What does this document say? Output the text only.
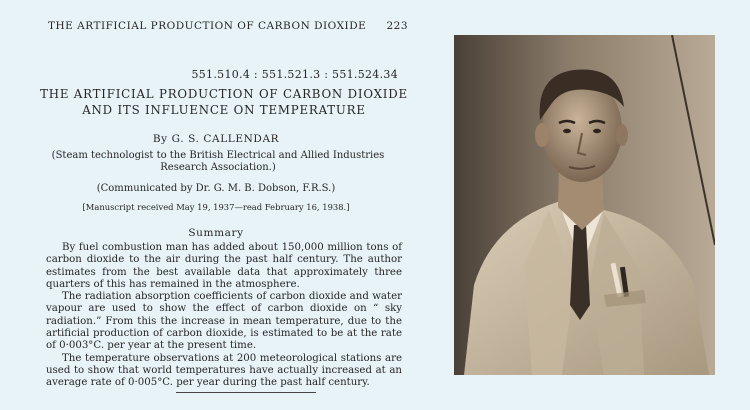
THE ARTIFICIAL PRODUCTION OF CARBON DIOXIDE 223
551.510.4 : 551.521.3 : 551.524.34
THE ARTIFICIAL PRODUCTION OF CARBON DIOXIDE
AND ITS INFLUENCE ON TEMPERATURE
By G. S. CALLENDAR
(Steam technologist to the British Electrical and Allied Industries
Research Association.)
(Communicated by Dr. G. M. B. Dobson, F.R.S.)
[Manuscript received May 19, 1937—read February 16, 1938.]
Summary

By fuel combustion man has added about 150,000 million tons of carbon dioxide to the air during the past half century. The author estimates from the best available data that approximately three quarters of this has remained in the atmosphere.

The radiation absorption coefficients of carbon dioxide and water vapour are used to show the effect of carbon dioxide on “ sky radiation.” From this the increase in mean temperature, due to the artificial production of carbon dioxide, is estimated to be at the rate of 0·003°C. per year at the present time.

The temperature observations at 200 meteorological stations are used to show that world temperatures have actually increased at an average rate of 0·005°C. per year during the past half century.
